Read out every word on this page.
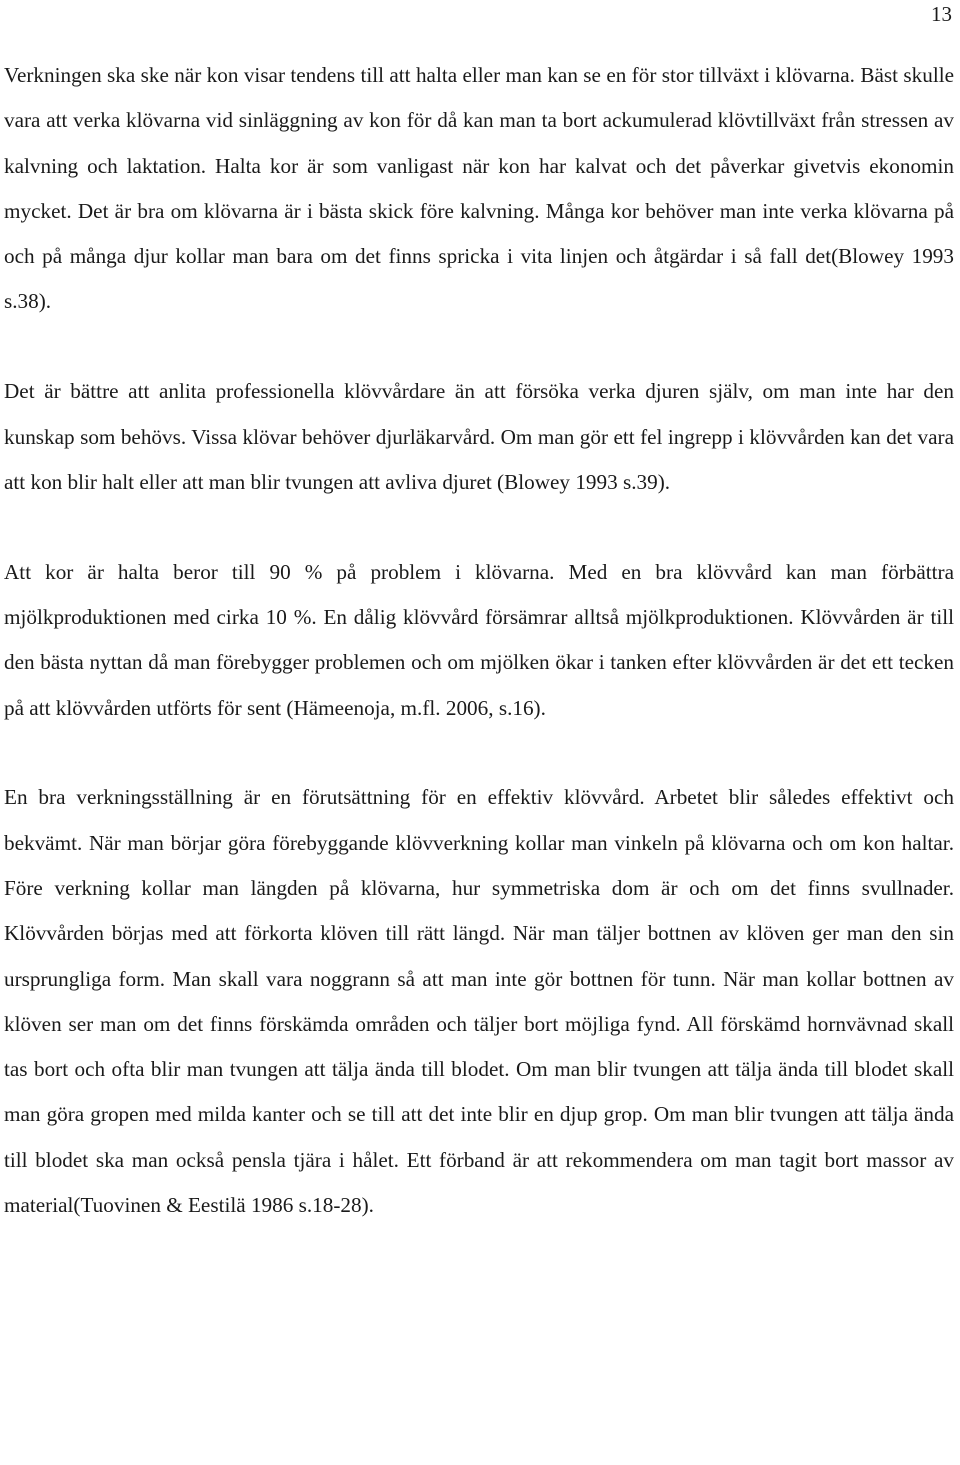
13

Verkningen ska ske när kon visar tendens till att halta eller man kan se en för stor tillväxt i klövarna. Bäst skulle vara att verka klövarna vid sinläggning av kon för då kan man ta bort ackumulerad klövtillväxt från stressen av kalvning och laktation. Halta kor är som vanligast när kon har kalvat och det påverkar givetvis ekonomin mycket. Det är bra om klövarna är i bästa skick före kalvning. Många kor behöver man inte verka klövarna på och på många djur kollar man bara om det finns spricka i vita linjen och åtgärdar i så fall det(Blowey 1993 s.38).

Det är bättre att anlita professionella klövvårdare än att försöka verka djuren själv, om man inte har den kunskap som behövs. Vissa klövar behöver djurläkarvård. Om man gör ett fel ingrepp i klövvården kan det vara att kon blir halt eller att man blir tvungen att avliva djuret (Blowey 1993 s.39).

Att kor är halta beror till 90 % på problem i klövarna. Med en bra klövvård kan man förbättra mjölkproduktionen med cirka 10 %. En dålig klövvård försämrar alltså mjölkproduktionen. Klövvården är till den bästa nyttan då man förebygger problemen och om mjölken ökar i tanken efter klövvården är det ett tecken på att klövvården utförts för sent (Hämeenoja, m.fl. 2006, s.16).

En bra verkningsställning är en förutsättning för en effektiv klövvård. Arbetet blir således effektivt och bekvämt. När man börjar göra förebyggande klövverkning kollar man vinkeln på klövarna och om kon haltar. Före verkning kollar man längden på klövarna, hur symmetriska dom är och om det finns svullnader. Klövvården börjas med att förkorta klöven till rätt längd. När man täljer bottnen av klöven ger man den sin ursprungliga form. Man skall vara noggrann så att man inte gör bottnen för tunn. När man kollar bottnen av klöven ser man om det finns förskämda områden och täljer bort möjliga fynd. All förskämd hornvävnad skall tas bort och ofta blir man tvungen att tälja ända till blodet. Om man blir tvungen att tälja ända till blodet skall man göra gropen med milda kanter och se till att det inte blir en djup grop. Om man blir tvungen att tälja ända till blodet ska man också pensla tjära i hålet. Ett förband är att rekommendera om man tagit bort massor av material(Tuovinen & Eestilä 1986 s.18-28).
